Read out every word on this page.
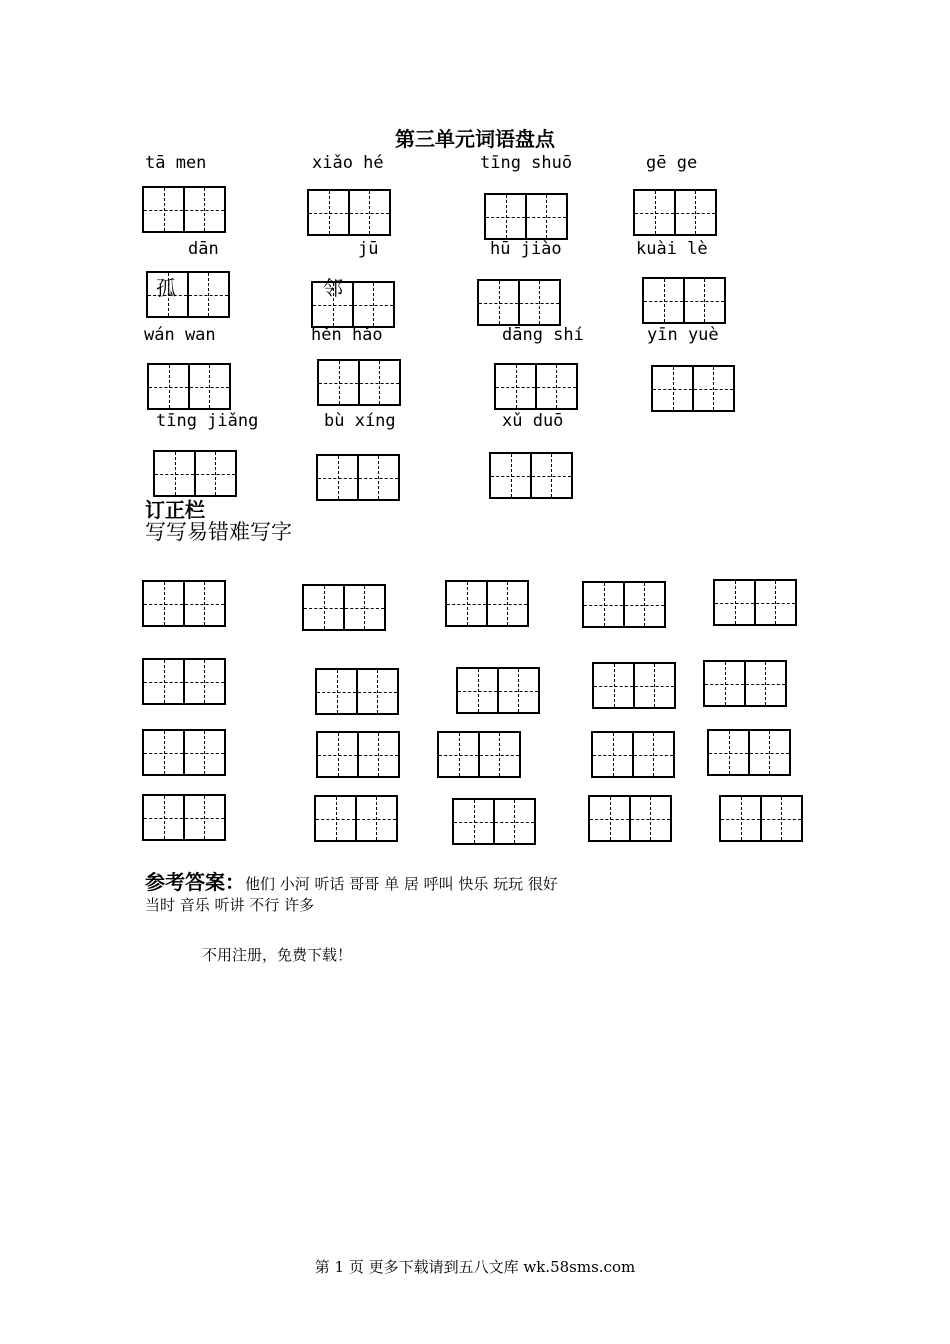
第三单元词语盘点
tā men	xiǎo hé	tīng shuō	gē ge
dān	jū	hū jiào	kuài lè
wán wan	hěn hǎo	dāng shí	yīn yuè
tīng jiǎng	bù xíng	xǔ duō
孤	邻
订正栏
写写易错难写字
参考答案：他们 小河 听话 哥哥 单 居 呼叫 快乐 玩玩 很好
当时 音乐 听讲 不行 许多
不用注册，免费下载！
第 1 页 更多下载请到五八文库 wk.58sms.com
